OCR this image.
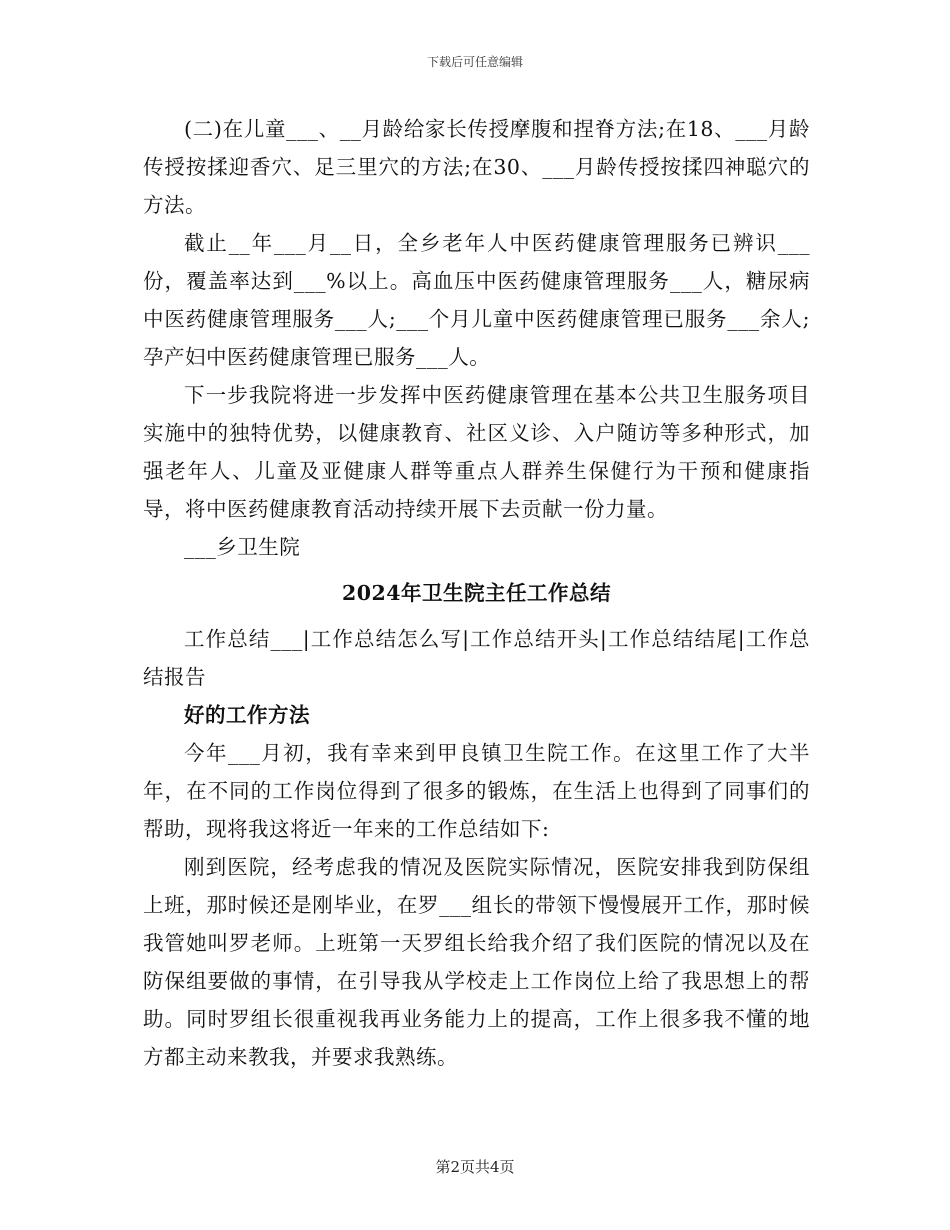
下载后可任意编辑

(二)在儿童___、__月龄给家长传授摩腹和捏脊方法;在18、___月龄传授按揉迎香穴、足三里穴的方法;在30、___月龄传授按揉四神聪穴的方法。

截止__年___月__日，全乡老年人中医药健康管理服务已辨识___份，覆盖率达到___%以上。高血压中医药健康管理服务___人，糖尿病中医药健康管理服务___人;___个月儿童中医药健康管理已服务___余人;孕产妇中医药健康管理已服务___人。

下一步我院将进一步发挥中医药健康管理在基本公共卫生服务项目实施中的独特优势，以健康教育、社区义诊、入户随访等多种形式，加强老年人、儿童及亚健康人群等重点人群养生保健行为干预和健康指导，将中医药健康教育活动持续开展下去贡献一份力量。

___乡卫生院

2024年卫生院主任工作总结

工作总结___|工作总结怎么写|工作总结开头|工作总结结尾|工作总结报告

好的工作方法

今年___月初，我有幸来到甲良镇卫生院工作。在这里工作了大半年，在不同的工作岗位得到了很多的锻炼，在生活上也得到了同事们的帮助，现将我这将近一年来的工作总结如下:

刚到医院，经考虑我的情况及医院实际情况，医院安排我到防保组上班，那时候还是刚毕业，在罗___组长的带领下慢慢展开工作，那时候我管她叫罗老师。上班第一天罗组长给我介绍了我们医院的情况以及在防保组要做的事情，在引导我从学校走上工作岗位上给了我思想上的帮助。同时罗组长很重视我再业务能力上的提高，工作上很多我不懂的地方都主动来教我，并要求我熟练。

第2页共4页
